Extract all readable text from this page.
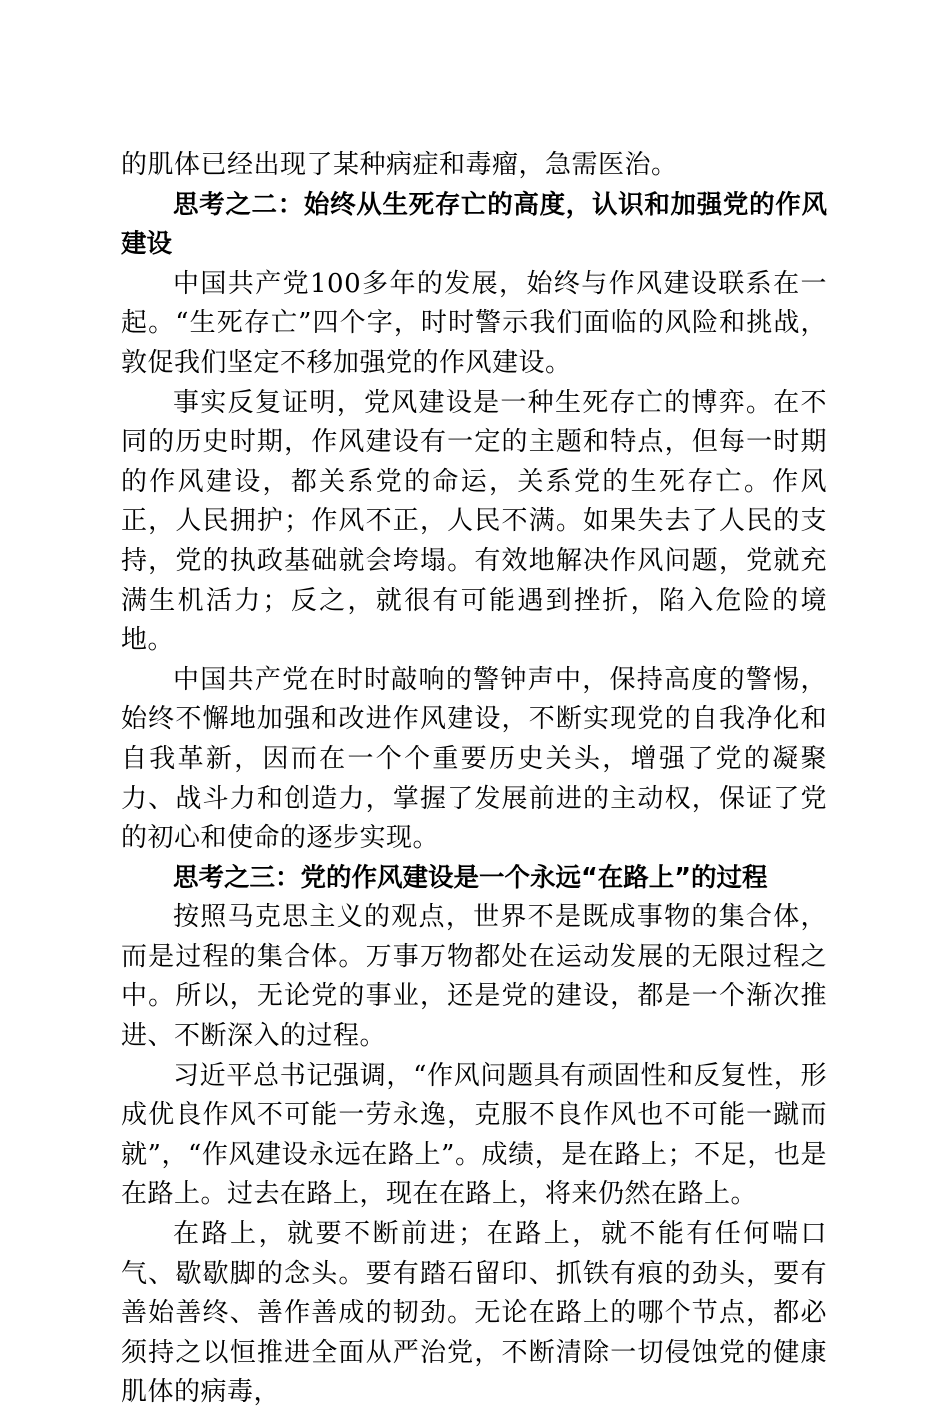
的肌体已经出现了某种病症和毒瘤，急需医治。

思考之二：始终从生死存亡的高度，认识和加强党的作风建设

中国共产党100多年的发展，始终与作风建设联系在一起。“生死存亡”四个字，时时警示我们面临的风险和挑战，敦促我们坚定不移加强党的作风建设。

事实反复证明，党风建设是一种生死存亡的博弈。在不同的历史时期，作风建设有一定的主题和特点，但每一时期的作风建设，都关系党的命运，关系党的生死存亡。作风正，人民拥护；作风不正，人民不满。如果失去了人民的支持，党的执政基础就会垮塌。有效地解决作风问题，党就充满生机活力；反之，就很有可能遇到挫折，陷入危险的境地。

中国共产党在时时敲响的警钟声中，保持高度的警惕，始终不懈地加强和改进作风建设，不断实现党的自我净化和自我革新，因而在一个个重要历史关头，增强了党的凝聚力、战斗力和创造力，掌握了发展前进的主动权，保证了党的初心和使命的逐步实现。

思考之三：党的作风建设是一个永远“在路上”的过程

按照马克思主义的观点，世界不是既成事物的集合体，而是过程的集合体。万事万物都处在运动发展的无限过程之中。所以，无论党的事业，还是党的建设，都是一个渐次推进、不断深入的过程。

习近平总书记强调，“作风问题具有顽固性和反复性，形成优良作风不可能一劳永逸，克服不良作风也不可能一蹴而就”，“作风建设永远在路上”。成绩，是在路上；不足，也是在路上。过去在路上，现在在路上，将来仍然在路上。

在路上，就要不断前进；在路上，就不能有任何喘口气、歇歇脚的念头。要有踏石留印、抓铁有痕的劲头，要有善始善终、善作善成的韧劲。无论在路上的哪个节点，都必须持之以恒推进全面从严治党，不断清除一切侵蚀党的健康肌体的病毒，
